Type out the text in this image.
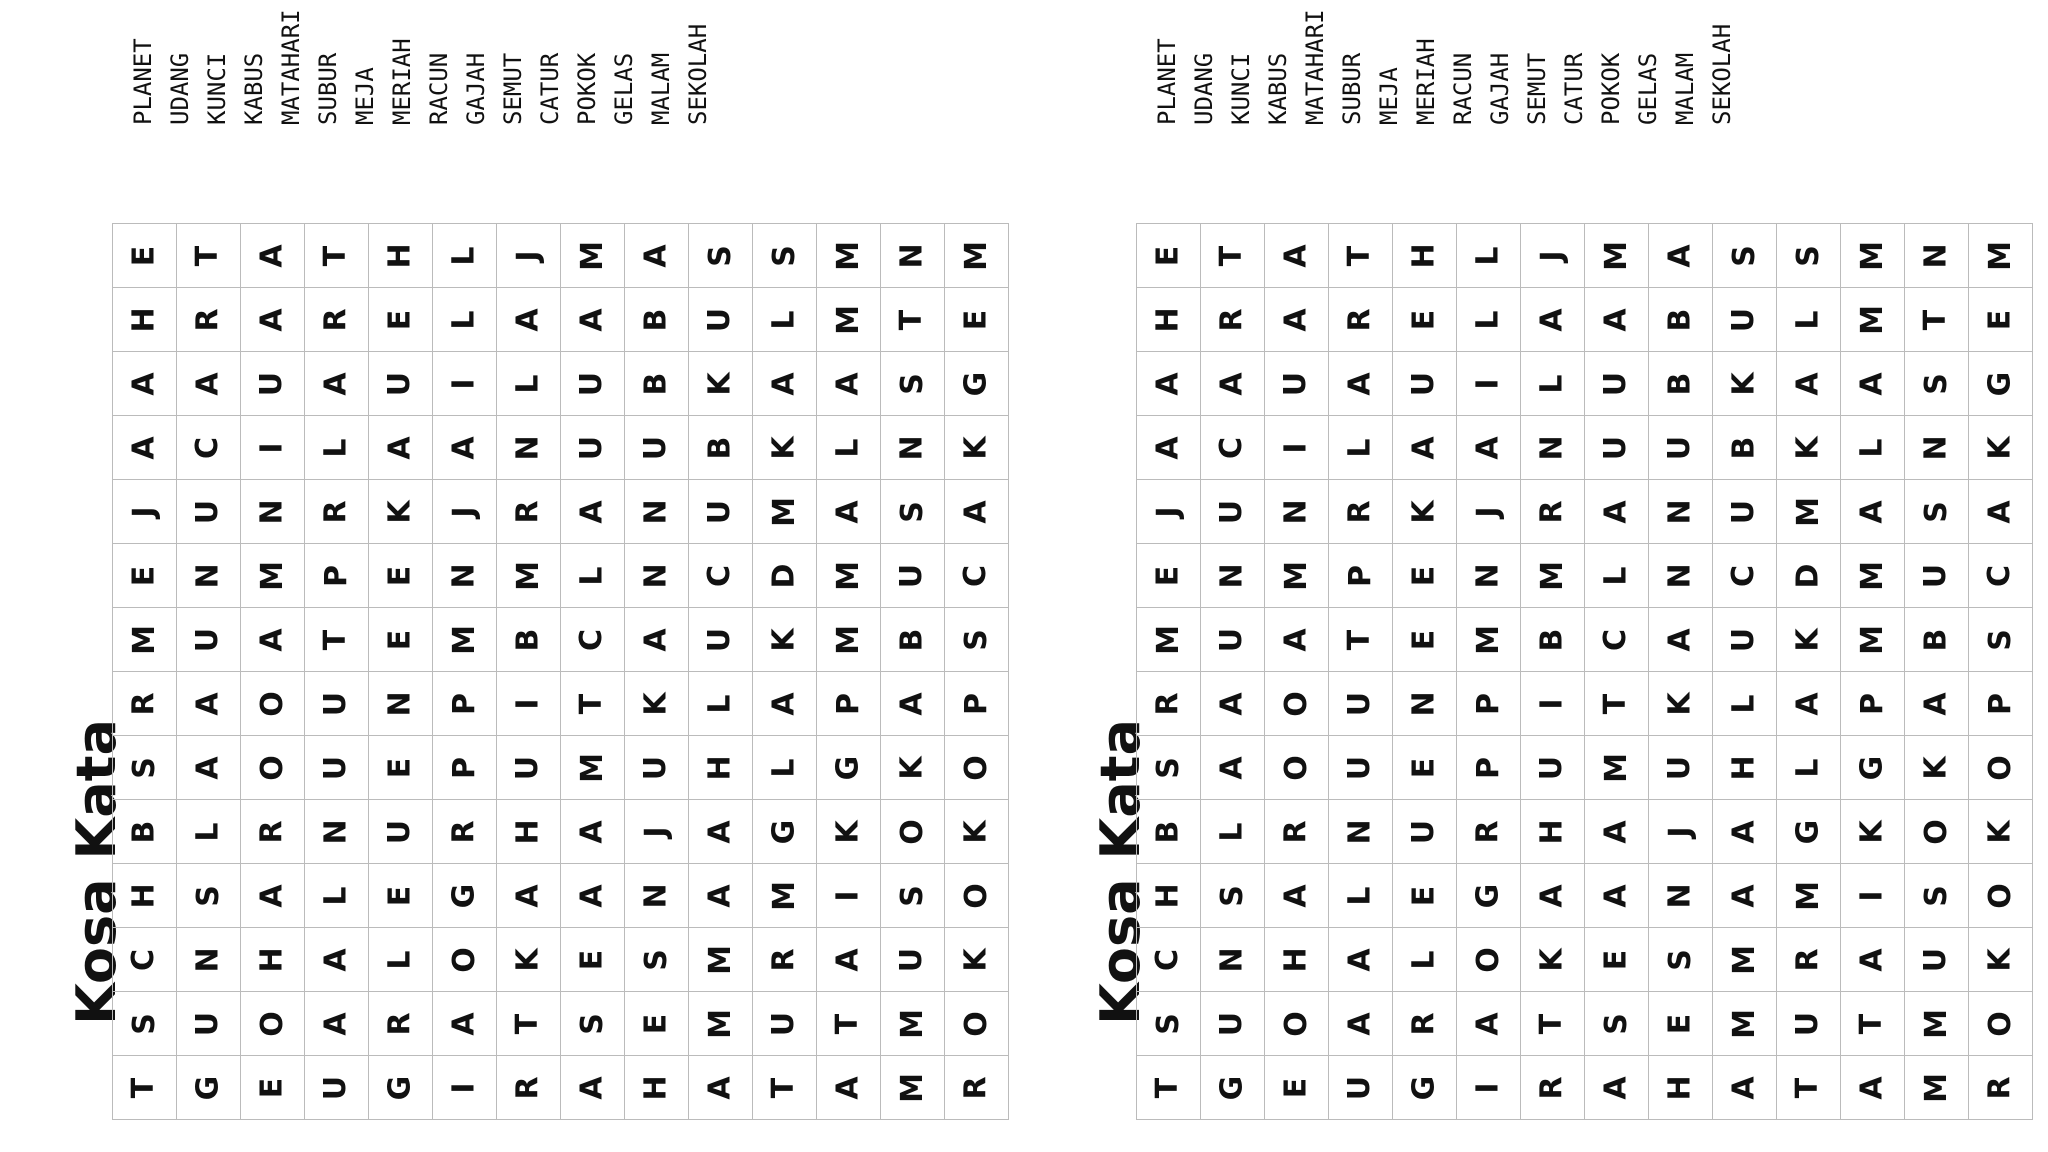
PLANET UDANG KUNCI KABUS MATAHARI SUBUR MEJA MERIAH RACUN GAJAH SEMUT CATUR POKOK GELAS MALAM SEKOLAH
Kosa Kata
E T A T H L J M A S S M N M
H R A R E L A A B U L M T E
A A U A U I L U B K A A S G
A C I L A A N U U B K L N K
J U N R K J R A N U M A S A
E N M P E N M L N C D M U C
M U A T E M B C A U K M B S
R A O U N P I T K L A P A P
S A O U E P U M U H L G K O
B L R N U R H A J A G K O K
H S A L E G A A N A M I S O
C N H A L O K E S M R A U K
S U O A R A T S E M U T M O
T G E U G I R A H A T A M R
PLANET UDANG KUNCI KABUS MATAHARI SUBUR MEJA MERIAH RACUN GAJAH SEMUT CATUR POKOK GELAS MALAM SEKOLAH
Kosa Kata
E T A T H L J M A S S M N M
H R A R E L A A B U L M T E
A A U A U I L U B K A A S G
A C I L A A N U U B K L N K
J U N R K J R A N U M A S A
E N M P E N M L N C D M U C
M U A T E M B C A U K M B S
R A O U N P I T K L A P A P
S A O U E P U M U H L G K O
B L R N U R H A J A G K O K
H S A L E G A A N A M I S O
C N H A L O K E S M R A U K
S U O A R A T S E M U T M O
T G E U G I R A H A T A M R
